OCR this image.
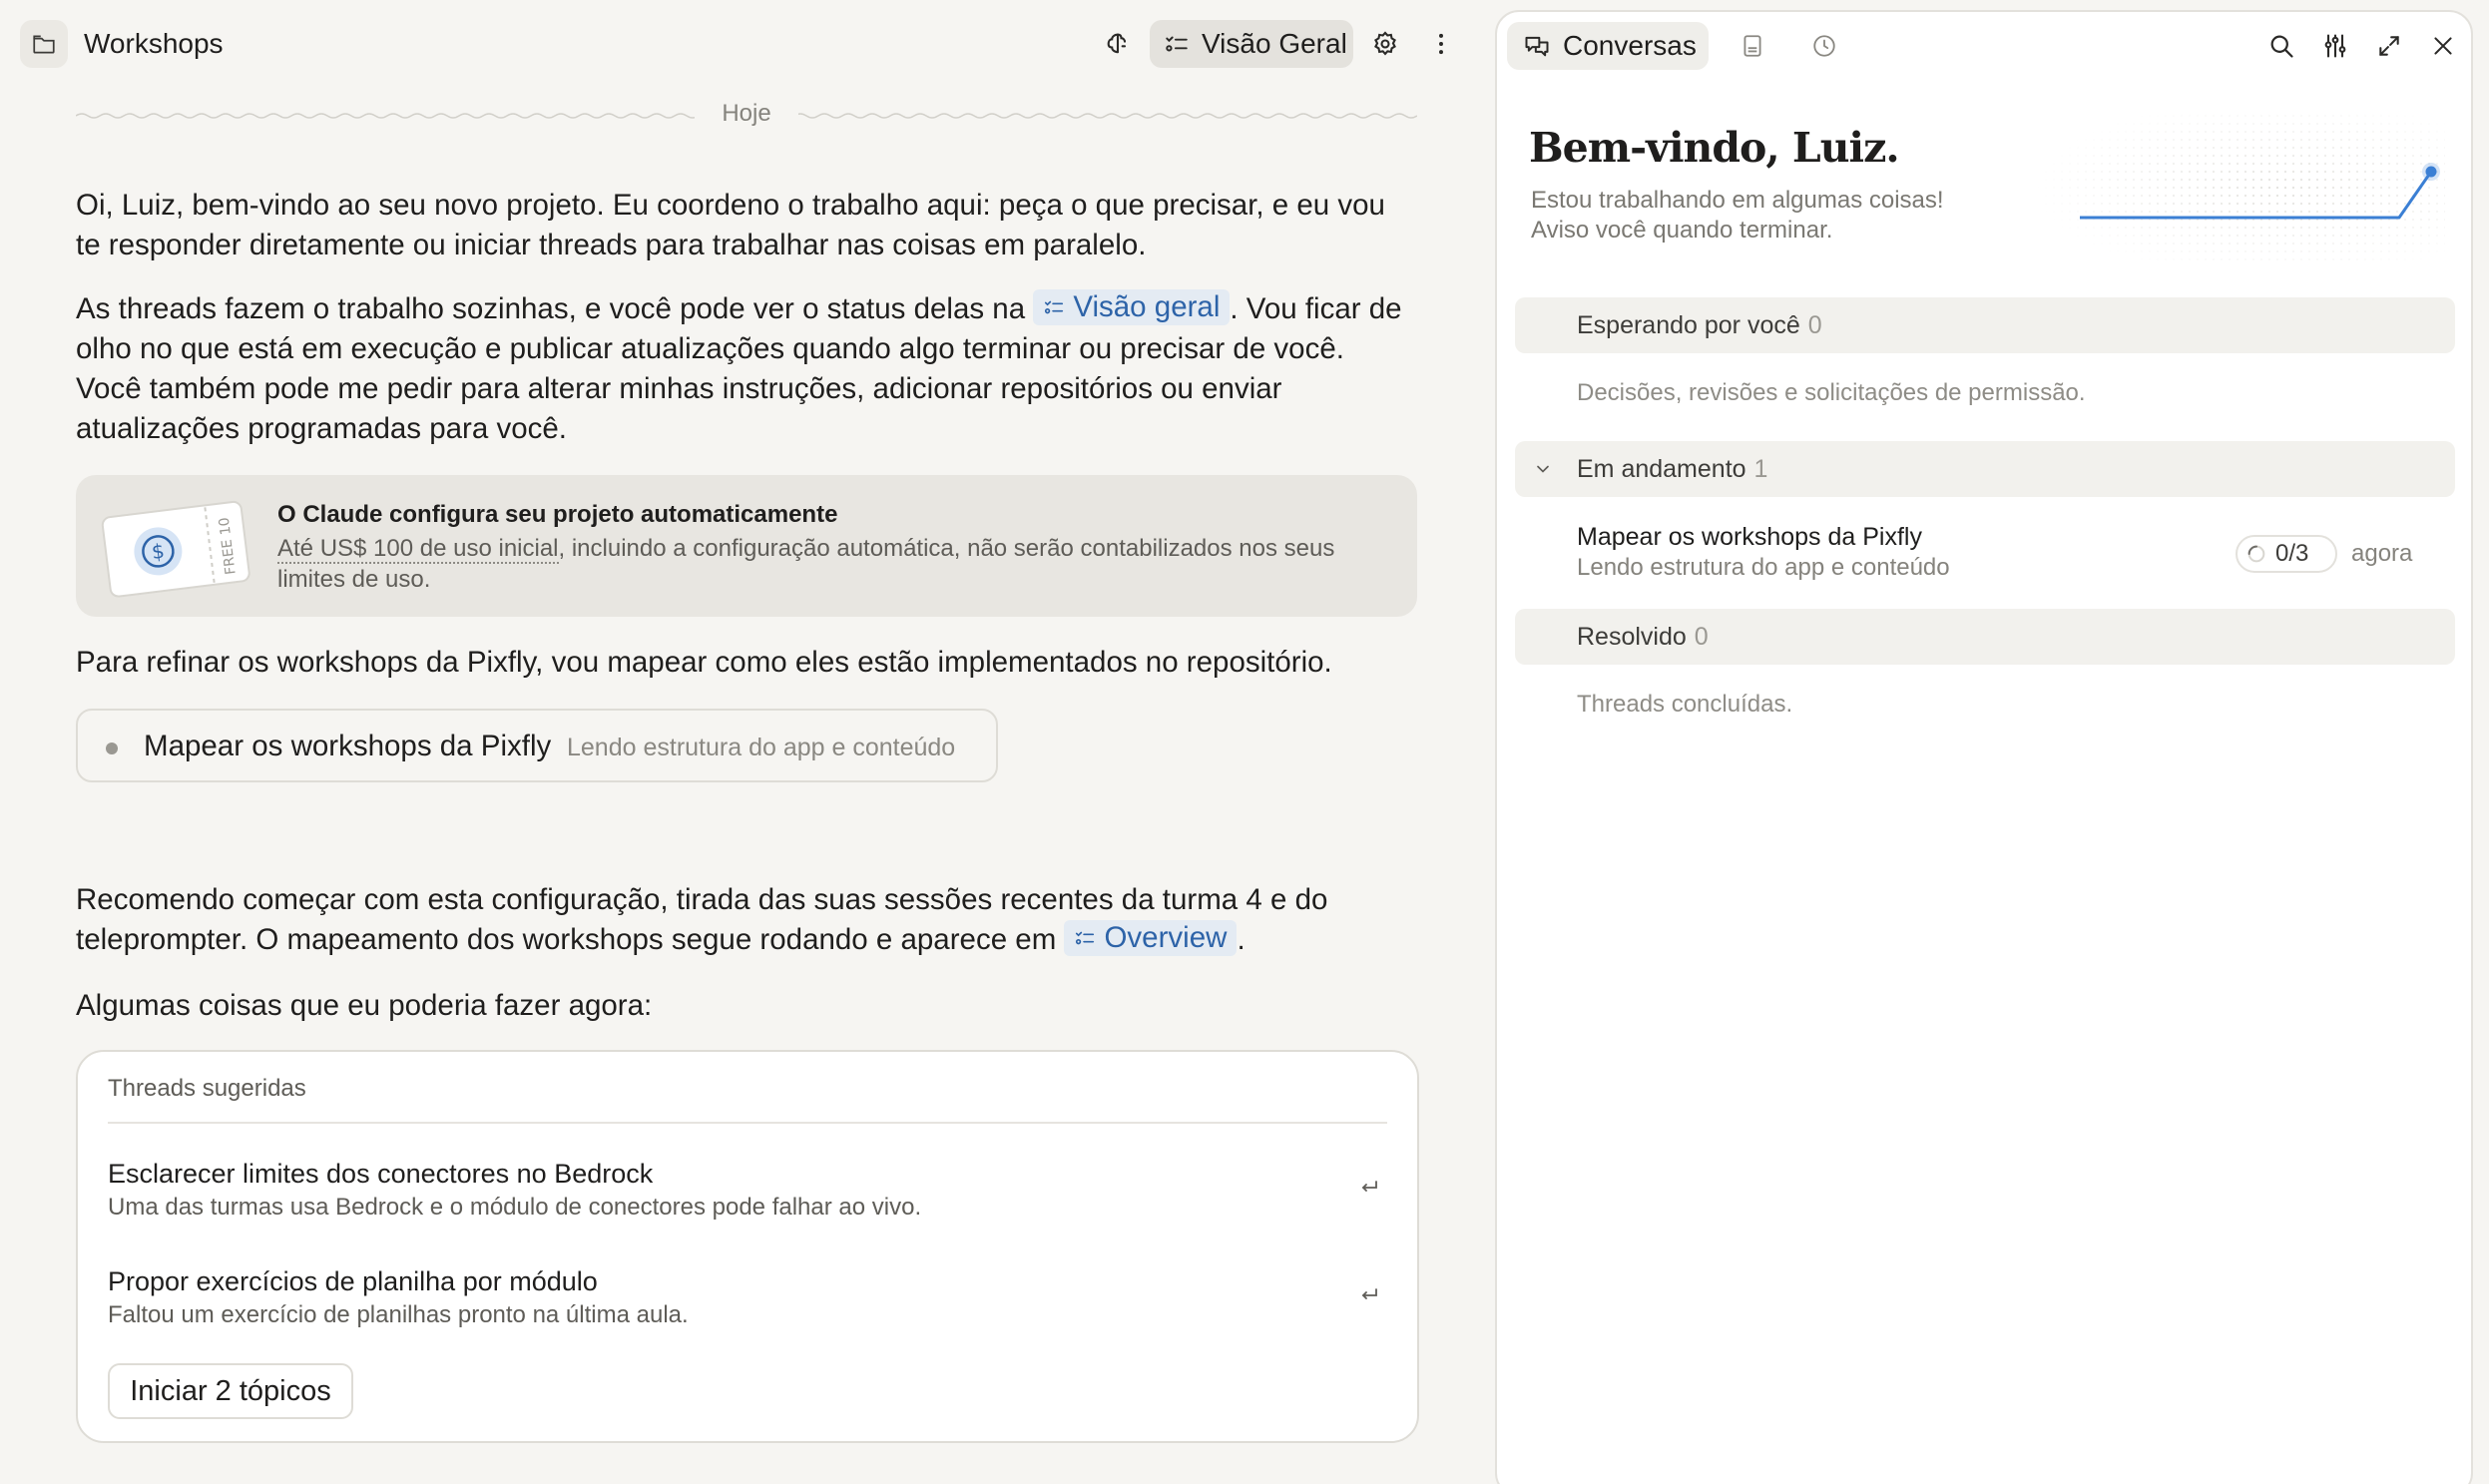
Workshops	Visão Geral
Hoje

Oi, Luiz, bem-vindo ao seu novo projeto. Eu coordeno o trabalho aqui: peça o que precisar, e eu vou te responder diretamente ou iniciar threads para trabalhar nas coisas em paralelo.

As threads fazem o trabalho sozinhas, e você pode ver o status delas na Visão geral . Vou ficar de olho no que está em execução e publicar atualizações quando algo terminar ou precisar de você. Você também pode me pedir para alterar minhas instruções, adicionar repositórios ou enviar atualizações programadas para você.

$	FREE 10
O Claude configura seu projeto automaticamente
Até US$ 100 de uso inicial, incluindo a configuração automática, não serão contabilizados nos seus limites de uso.

Para refinar os workshops da Pixfly, vou mapear como eles estão implementados no repositório.

Mapear os workshops da Pixfly Lendo estrutura do app e conteúdo

Recomendo começar com esta configuração, tirada das suas sessões recentes da turma 4 e do teleprompter. O mapeamento dos workshops segue rodando e aparece em Overview .

Algumas coisas que eu poderia fazer agora:

Threads sugeridas
Esclarecer limites dos conectores no Bedrock
Uma das turmas usa Bedrock e o módulo de conectores pode falhar ao vivo.
Propor exercícios de planilha por módulo
Faltou um exercício de planilhas pronto na última aula.
Iniciar 2 tópicos
Conversas
Bem-vindo, Luiz.
Estou trabalhando em algumas coisas!
Aviso você quando terminar.
Esperando por você 0
Decisões, revisões e solicitações de permissão.
Em andamento 1
Mapear os workshops da Pixfly
Lendo estrutura do app e conteúdo
0/3 agora
Resolvido 0
Threads concluídas.
